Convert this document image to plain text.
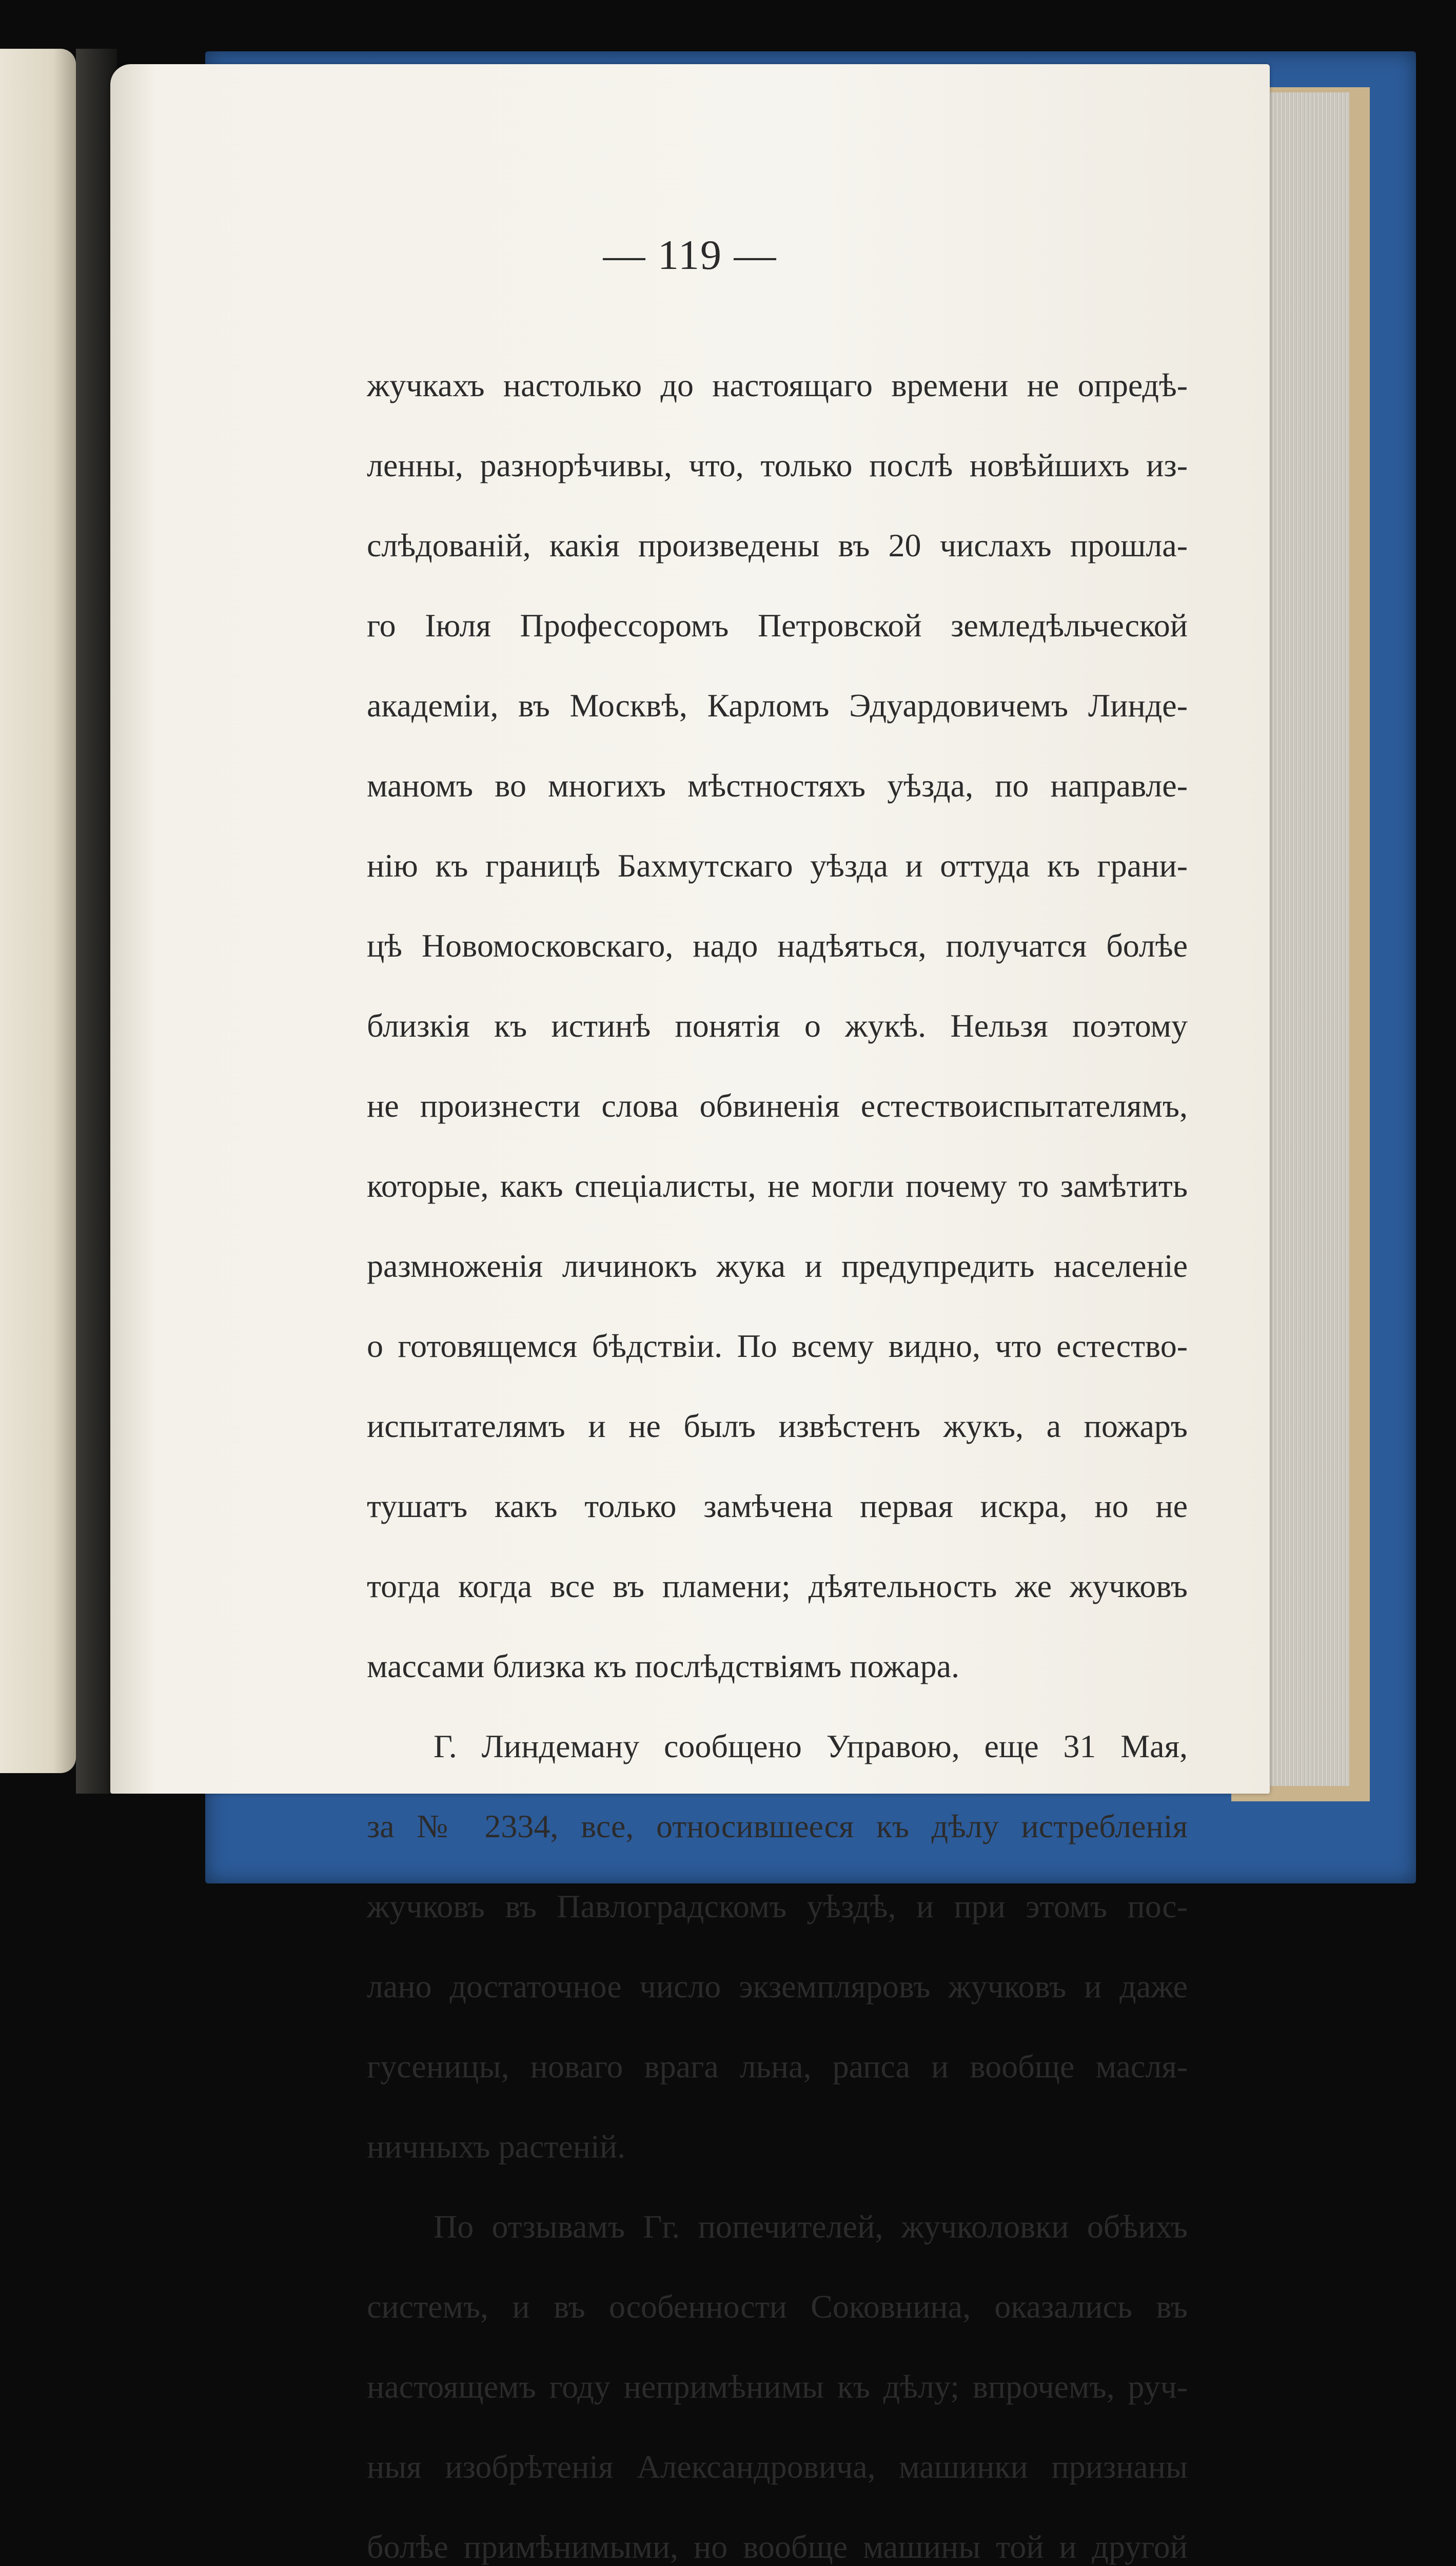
— 119 —
жучкахъ настолько до настоящаго времени не опредѣ-
ленны, разнорѣчивы, что, только послѣ новѣйшихъ из-
слѣдованій, какія произведены въ 20 числахъ прошла-
го Іюля Профессоромъ Петровской земледѣльческой
академіи, въ Москвѣ, Карломъ Эдуардовичемъ Линде-
маномъ во многихъ мѣстностяхъ уѣзда, по направле-
нію къ границѣ Бахмутскаго уѣзда и оттуда къ грани-
цѣ Новомосковскаго, надо надѣяться, получатся болѣе
близкія къ истинѣ понятія о жукѣ. Нельзя поэтому
не произнести слова обвиненія естествоиспытателямъ,
которые, какъ спеціалисты, не могли почему то замѣтить
размноженія личинокъ жука и предупредить населеніе
о готовящемся бѣдствіи. По всему видно, что естество-
испытателямъ и не былъ извѣстенъ жукъ, а пожаръ
тушатъ какъ только замѣчена первая искра, но не
тогда когда все въ пламени; дѣятельность же жучковъ
массами близка къ послѣдствіямъ пожара.
Г. Линдеману сообщено Управою, еще 31 Мая,
за № 2334, все, относившееся къ дѣлу истребленія
жучковъ въ Павлоградскомъ уѣздѣ, и при этомъ пос-
лано достаточное число экземпляровъ жучковъ и даже
гусеницы, новаго врага льна, рапса и вообще масля-
ничныхъ растеній.
По отзывамъ Гг. попечителей, жучколовки обѣихъ
системъ, и въ особенности Соковнина, оказались въ
настоящемъ году непримѣнимы къ дѣлу; впрочемъ, руч-
ныя изобрѣтенія Александровича, машинки признаны
болѣе примѣнимыми, но вообще машины той и другой
